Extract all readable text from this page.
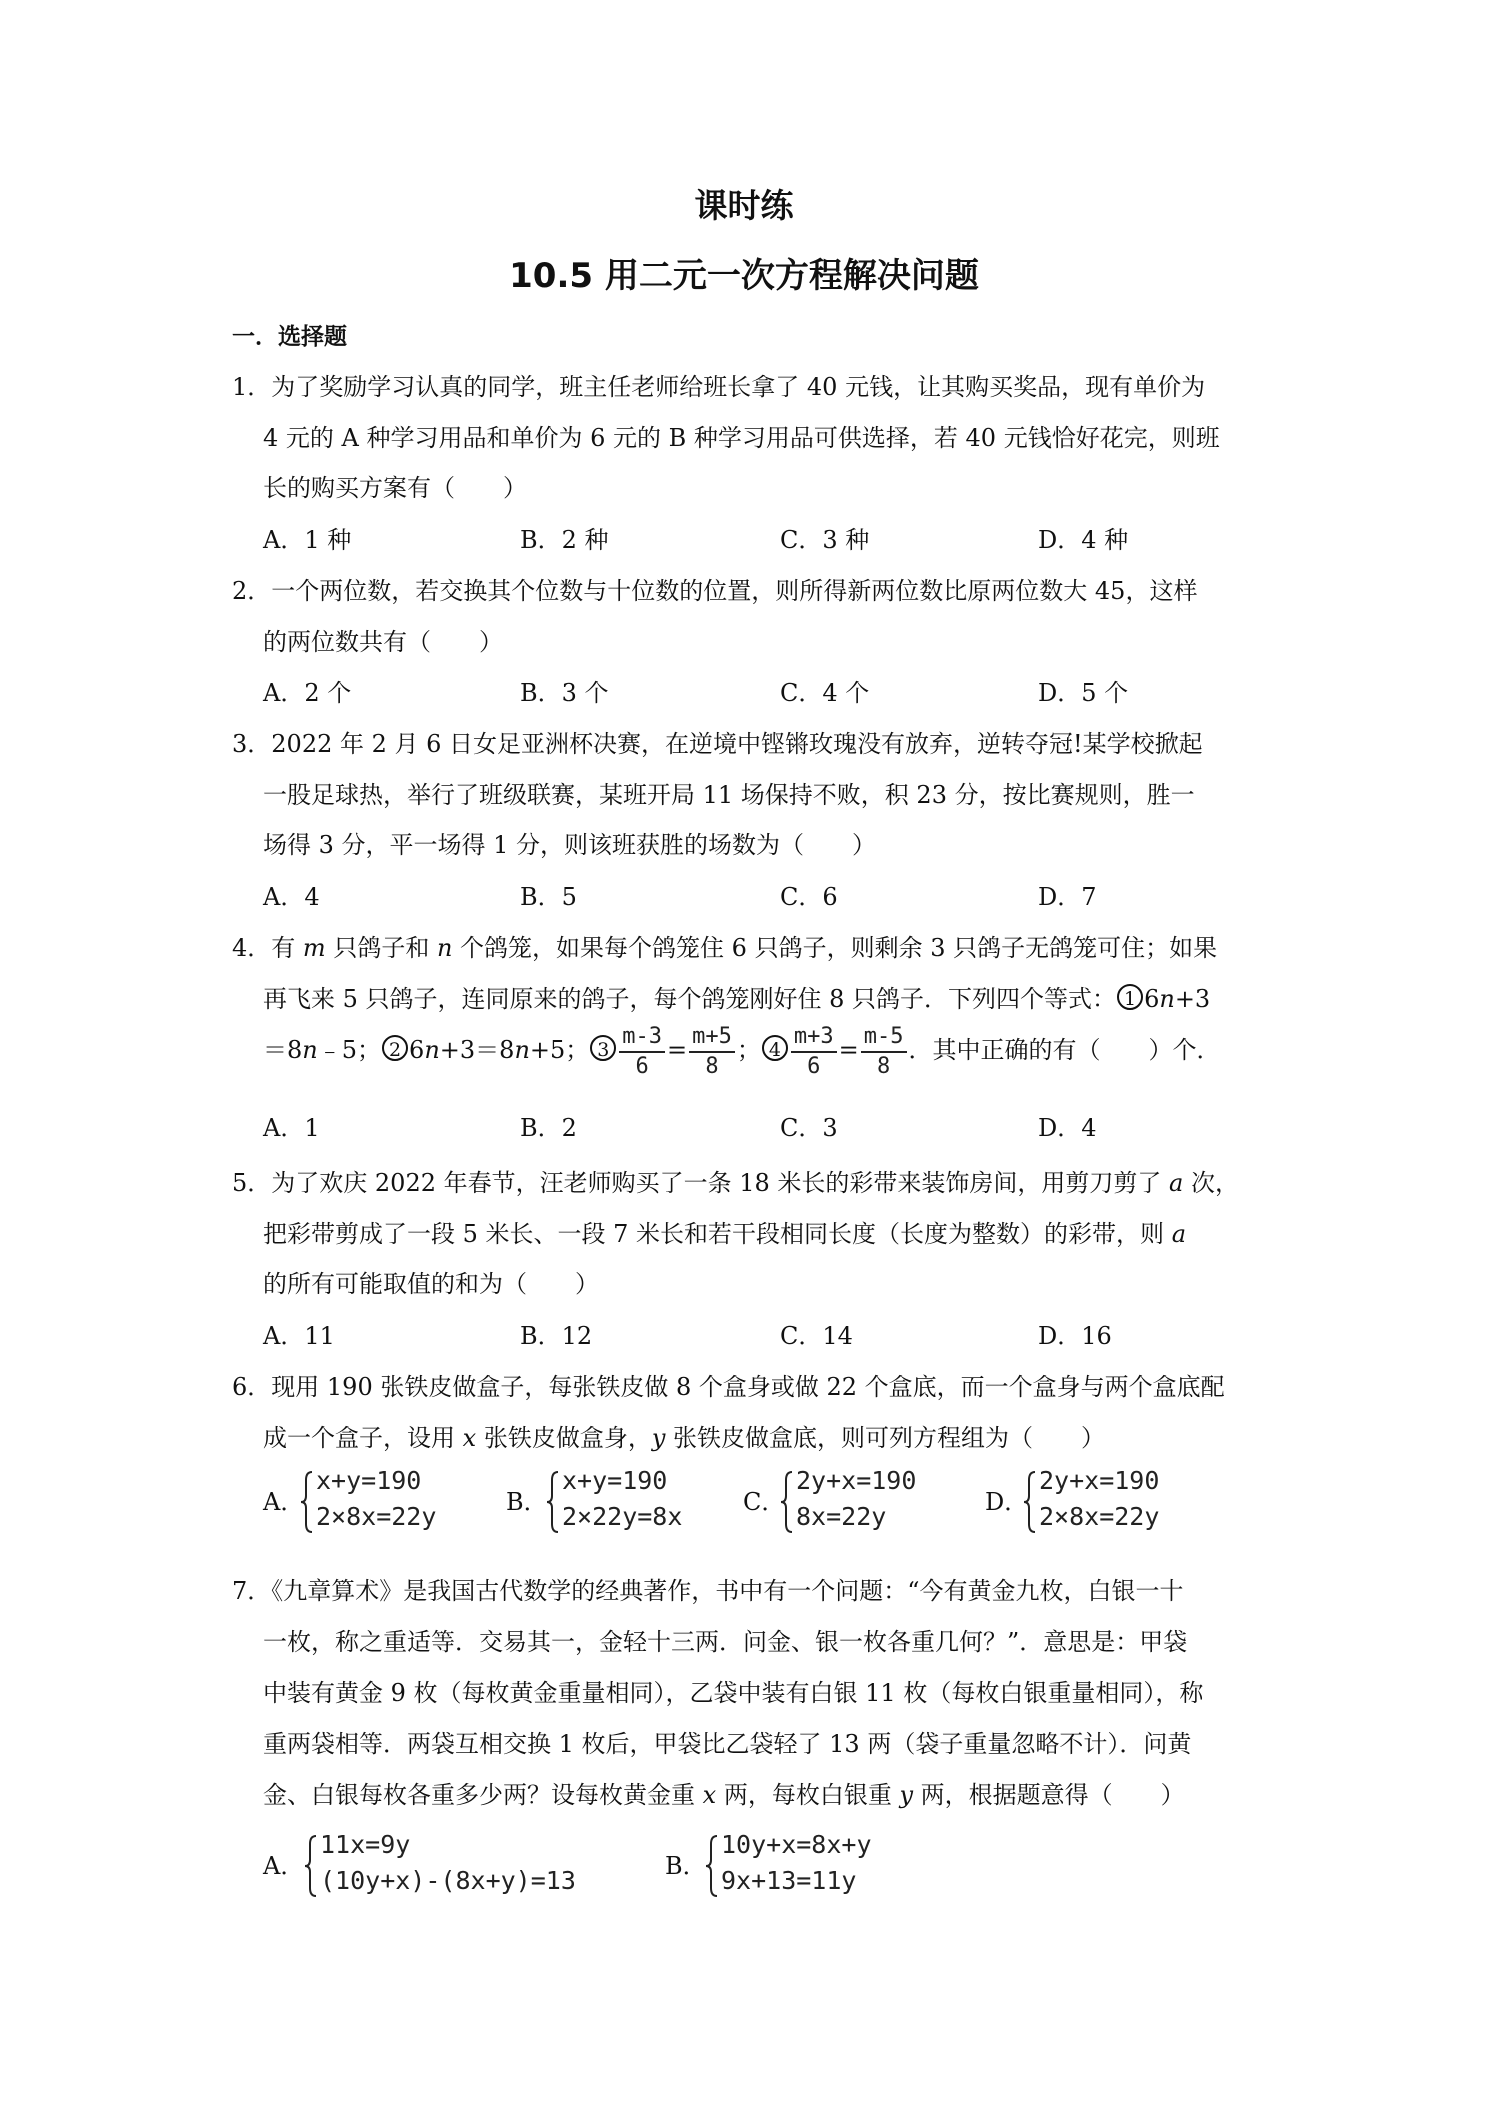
课时练
10.5 用二元一次方程解决问题
一．选择题
1．为了奖励学习认真的同学，班主任老师给班长拿了 40 元钱，让其购买奖品，现有单价为
4 元的 A 种学习用品和单价为 6 元的 B 种学习用品可供选择，若 40 元钱恰好花完，则班
长的购买方案有（　　）
A．1 种	B．2 种	C．3 种	D．4 种
2．一个两位数，若交换其个位数与十位数的位置，则所得新两位数比原两位数大 45，这样
的两位数共有（　　）
A．2 个	B．3 个	C．4 个	D．5 个
3．2022 年 2 月 6 日女足亚洲杯决赛，在逆境中铿锵玫瑰没有放弃，逆转夺冠!某学校掀起
一股足球热，举行了班级联赛，某班开局 11 场保持不败，积 23 分，按比赛规则，胜一
场得 3 分，平一场得 1 分，则该班获胜的场数为（　　）
A．4	B．5	C．6	D．7
4．有 m 只鸽子和 n 个鸽笼，如果每个鸽笼住 6 只鸽子，则剩余 3 只鸽子无鸽笼可住；如果
再飞来 5 只鸽子，连同原来的鸽子，每个鸽笼刚好住 8 只鸽子．下列四个等式： 1 6n+3
＝8n﹣5； 2 6n+3＝8n+5； $3 \frac{m-3}{6} = \frac{m+5}{8}$ ； $4 \frac{m+3}{6} = \frac{m-5}{8}$ ．其中正确的有（　　）个．
A．1	B．2	C．3	D．4
5．为了欢庆 2022 年春节，汪老师购买了一条 18 米长的彩带来装饰房间，用剪刀剪了 a 次，
把彩带剪成了一段 5 米长、一段 7 米长和若干段相同长度（长度为整数）的彩带，则 a
的所有可能取值的和为（　　）
A．11	B．12	C．14	D．16
6．现用 190 张铁皮做盒子，每张铁皮做 8 个盒身或做 22 个盒底，而一个盒身与两个盒底配
成一个盒子，设用 x 张铁皮做盒身，y 张铁皮做盒底，则可列方程组为（　　）
A．
x+y=190
2×8x=22y	B．
x+y=190
2×22y=8x	C．
2y+x=190
8x=22y	D．
2y+x=190
2×8x=22y
7．《九章算术》是我国古代数学的经典著作，书中有一个问题：“今有黄金九枚，白银一十
一枚，称之重适等．交易其一，金轻十三两．问金、银一枚各重几何？”．意思是：甲袋
中装有黄金 9 枚（每枚黄金重量相同），乙袋中装有白银 11 枚（每枚白银重量相同），称
重两袋相等．两袋互相交换 1 枚后，甲袋比乙袋轻了 13 两（袋子重量忽略不计）．问黄
金、白银每枚各重多少两？设每枚黄金重 x 两，每枚白银重 y 两，根据题意得（　　）
A．
11x=9y
(10y+x)-(8x+y)=13	B．
10y+x=8x+y
9x+13=11y
